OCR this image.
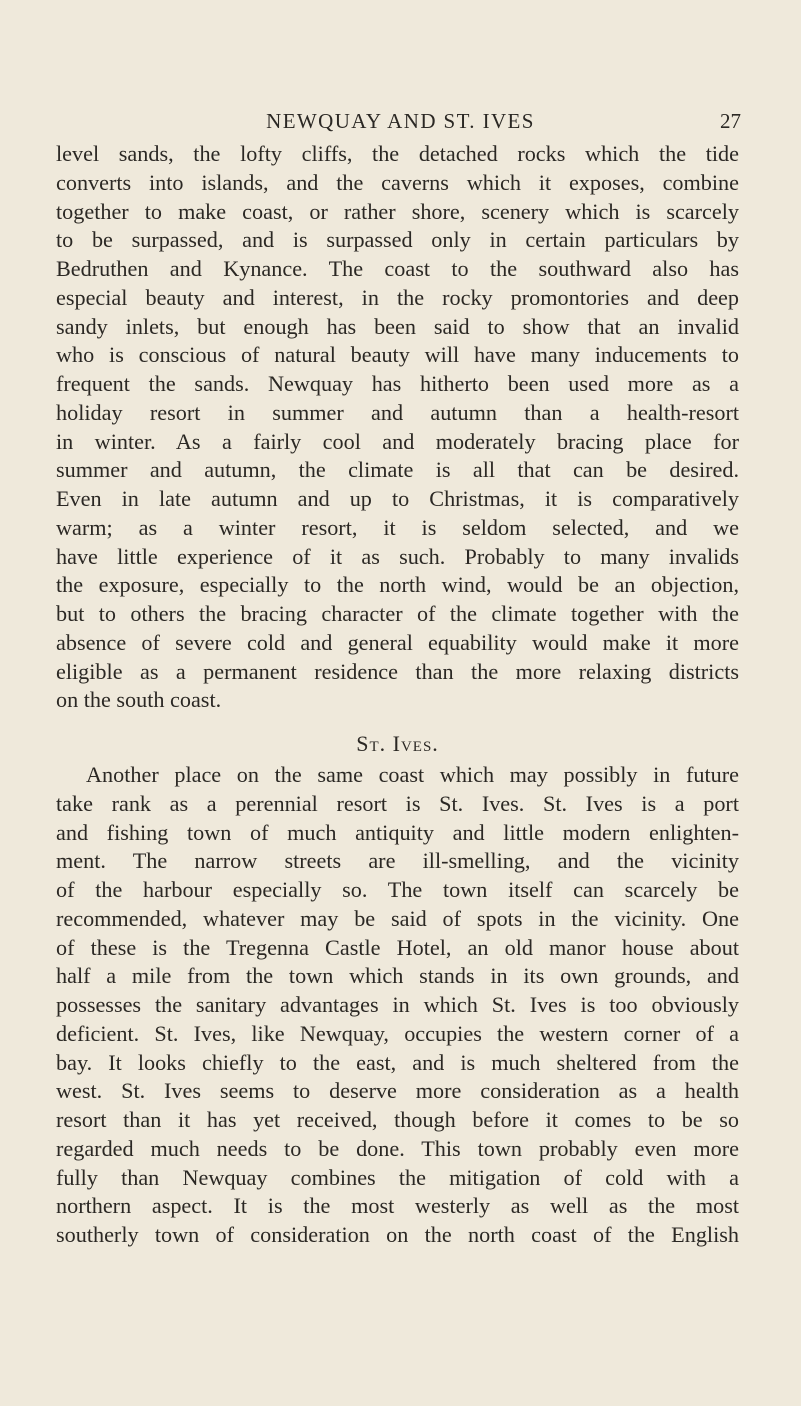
NEWQUAY AND ST. IVES	27
level sands, the lofty cliffs, the detached rocks which the tide
converts into islands, and the caverns which it exposes, combine
together to make coast, or rather shore, scenery which is scarcely
to be surpassed, and is surpassed only in certain particulars by
Bedruthen and Kynance. The coast to the southward also has
especial beauty and interest, in the rocky promontories and deep
sandy inlets, but enough has been said to show that an invalid
who is conscious of natural beauty will have many inducements to
frequent the sands. Newquay has hitherto been used more as a
holiday resort in summer and autumn than a health-resort
in winter. As a fairly cool and moderately bracing place for
summer and autumn, the climate is all that can be desired.
Even in late autumn and up to Christmas, it is comparatively
warm; as a winter resort, it is seldom selected, and we
have little experience of it as such. Probably to many invalids
the exposure, especially to the north wind, would be an objection,
but to others the bracing character of the climate together with the
absence of severe cold and general equability would make it more
eligible as a permanent residence than the more relaxing districts
on the south coast.
St. Ives.
Another place on the same coast which may possibly in future
take rank as a perennial resort is St. Ives. St. Ives is a port
and fishing town of much antiquity and little modern enlighten-
ment. The narrow streets are ill-smelling, and the vicinity
of the harbour especially so. The town itself can scarcely be
recommended, whatever may be said of spots in the vicinity. One
of these is the Tregenna Castle Hotel, an old manor house about
half a mile from the town which stands in its own grounds, and
possesses the sanitary advantages in which St. Ives is too obviously
deficient. St. Ives, like Newquay, occupies the western corner of a
bay. It looks chiefly to the east, and is much sheltered from the
west. St. Ives seems to deserve more consideration as a health
resort than it has yet received, though before it comes to be so
regarded much needs to be done. This town probably even more
fully than Newquay combines the mitigation of cold with a
northern aspect. It is the most westerly as well as the most
southerly town of consideration on the north coast of the English
